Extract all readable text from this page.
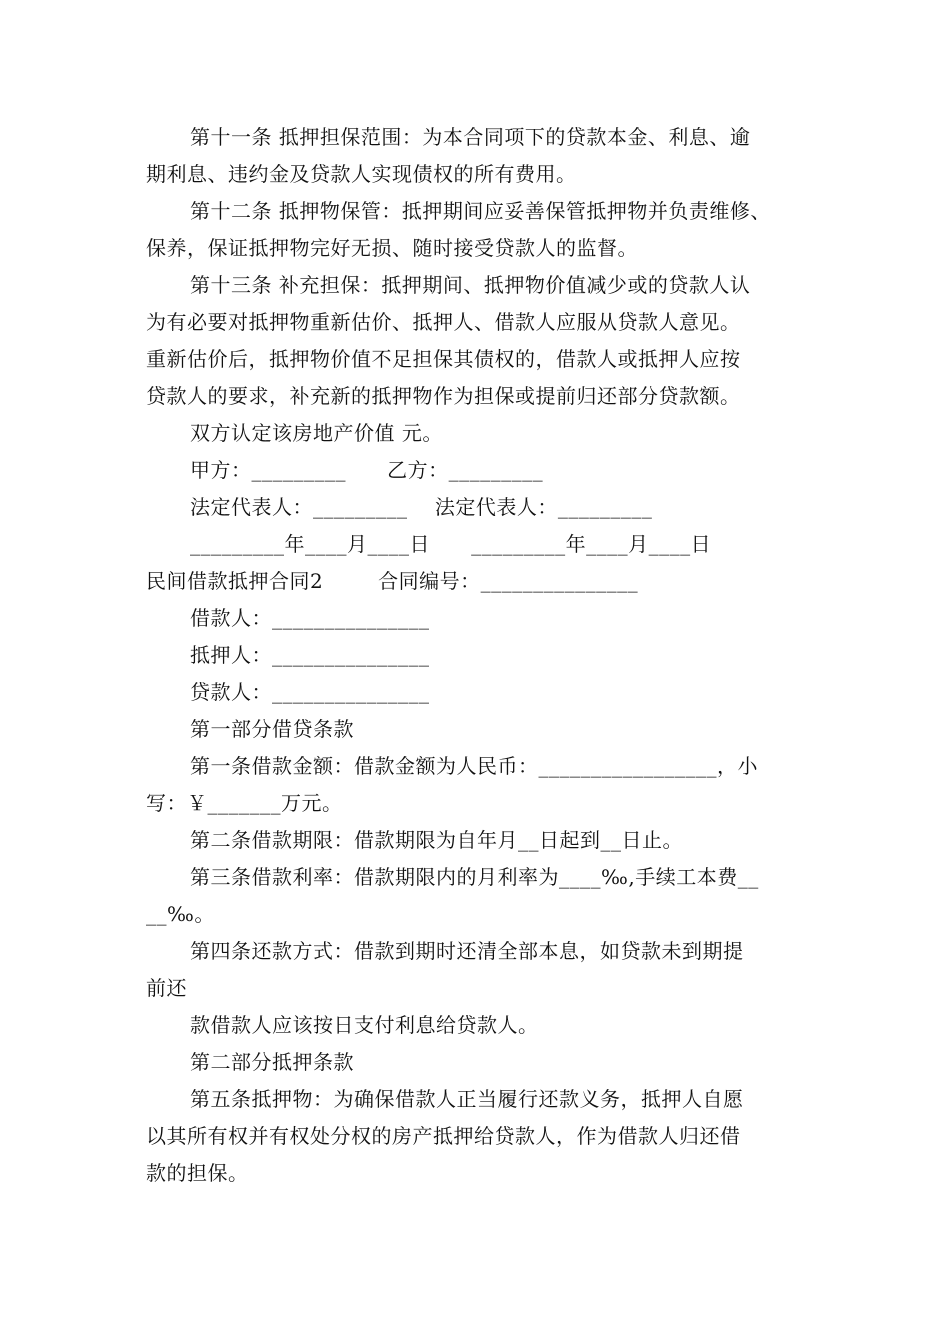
第十一条 抵押担保范围：为本合同项下的贷款本金、利息、逾
期利息、违约金及贷款人实现债权的所有费用。
第十二条 抵押物保管：抵押期间应妥善保管抵押物并负责维修、
保养，保证抵押物完好无损、随时接受贷款人的监督。
第十三条 补充担保：抵押期间、抵押物价值减少或的贷款人认
为有必要对抵押物重新估价、抵押人、借款人应服从贷款人意见。
重新估价后，抵押物价值不足担保其债权的，借款人或抵押人应按
贷款人的要求，补充新的抵押物作为担保或提前归还部分贷款额。
双方认定该房地产价值 元。
甲方：_________      乙方：_________
法定代表人：_________    法定代表人：_________
_________年____月____日      _________年____月____日
民间借款抵押合同2        合同编号：_______________
借款人：_______________
抵押人：_______________
贷款人：_______________
第一部分借贷条款
第一条借款金额：借款金额为人民币：_________________，小
写：￥_______万元。
第二条借款期限：借款期限为自年月__日起到__日止。
第三条借款利率：借款期限内的月利率为____‰,手续工本费__
__‰。
第四条还款方式：借款到期时还清全部本息，如贷款未到期提
前还
款借款人应该按日支付利息给贷款人。
第二部分抵押条款
第五条抵押物：为确保借款人正当履行还款义务，抵押人自愿
以其所有权并有权处分权的房产抵押给贷款人，作为借款人归还借
款的担保。
